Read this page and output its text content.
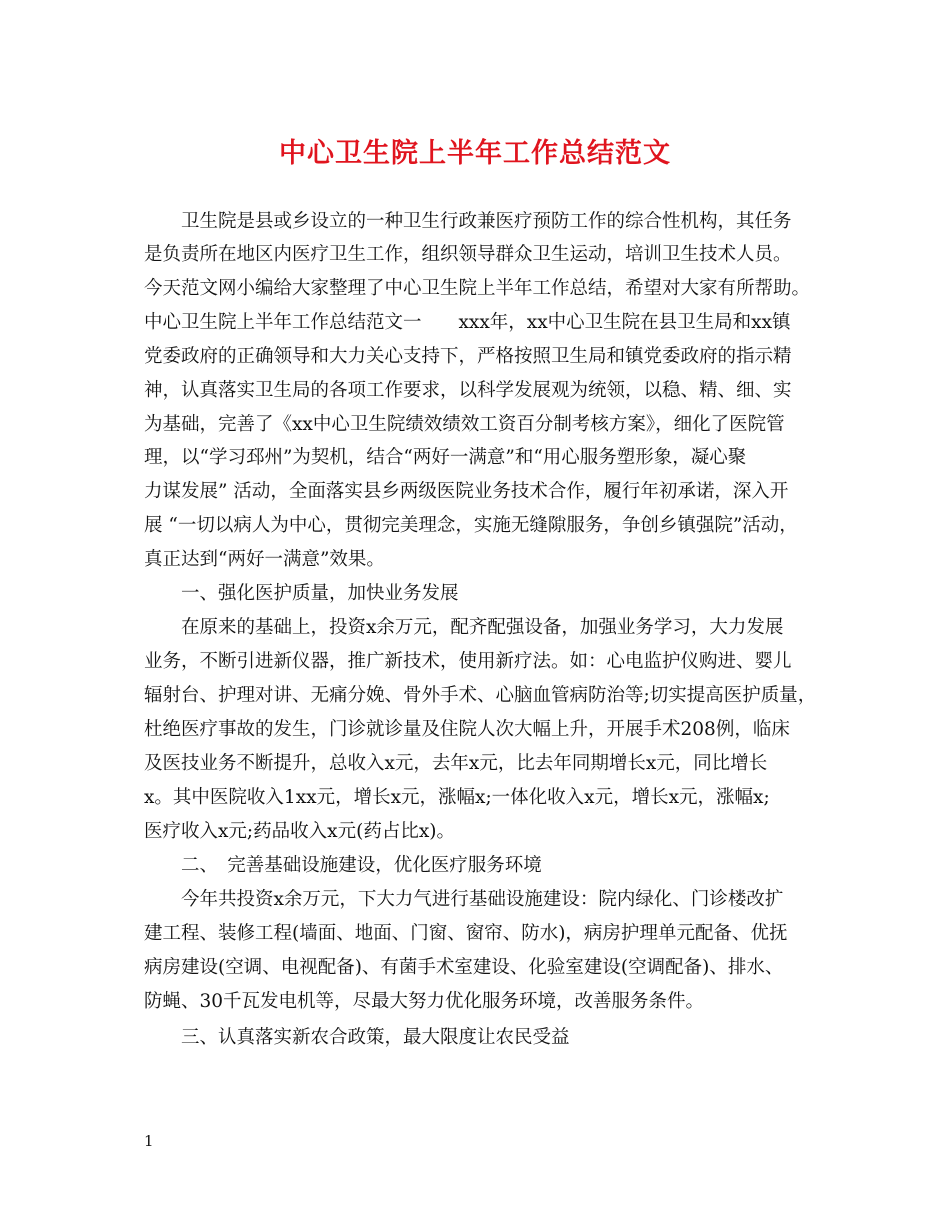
中心卫生院上半年工作总结范文
卫生院是县或乡设立的一种卫生行政兼医疗预防工作的综合性机构，其任务
是负责所在地区内医疗卫生工作，组织领导群众卫生运动，培训卫生技术人员。
今天范文网小编给大家整理了中心卫生院上半年工作总结，希望对大家有所帮助。
中心卫生院上半年工作总结范文一　　xxx年，xx中心卫生院在县卫生局和xx镇
党委政府的正确领导和大力关心支持下，严格按照卫生局和镇党委政府的指示精
神，认真落实卫生局的各项工作要求，以科学发展观为统领，以稳、精、细、实
为基础，完善了《xx中心卫生院绩效绩效工资百分制考核方案》，细化了医院管
理，以“学习邳州”为契机，结合“两好一满意”和“用心服务塑形象，凝心聚
力谋发展” 活动，全面落实县乡两级医院业务技术合作，履行年初承诺，深入开
展 “一切以病人为中心，贯彻完美理念，实施无缝隙服务，争创乡镇强院”活动，
真正达到“两好一满意”效果。
一、强化医护质量，加快业务发展
在原来的基础上，投资x余万元，配齐配强设备，加强业务学习，大力发展
业务，不断引进新仪器，推广新技术，使用新疗法。如：心电监护仪购进、婴儿
辐射台、护理对讲、无痛分娩、骨外手术、心脑血管病防治等;切实提高医护质量，
杜绝医疗事故的发生，门诊就诊量及住院人次大幅上升，开展手术208例，临床
及医技业务不断提升，总收入x元，去年x元，比去年同期增长x元，同比增长
x。其中医院收入1xx元，增长x元，涨幅x;一体化收入x元，增长x元，涨幅x;
医疗收入x元;药品收入x元(药占比x)。
二、　完善基础设施建设，优化医疗服务环境
今年共投资x余万元，下大力气进行基础设施建设：院内绿化、门诊楼改扩
建工程、装修工程(墙面、地面、门窗、窗帘、防水)，病房护理单元配备、优抚
病房建设(空调、电视配备)、有菌手术室建设、化验室建设(空调配备)、排水、
防蝇、30千瓦发电机等，尽最大努力优化服务环境，改善服务条件。
三、认真落实新农合政策，最大限度让农民受益
1
